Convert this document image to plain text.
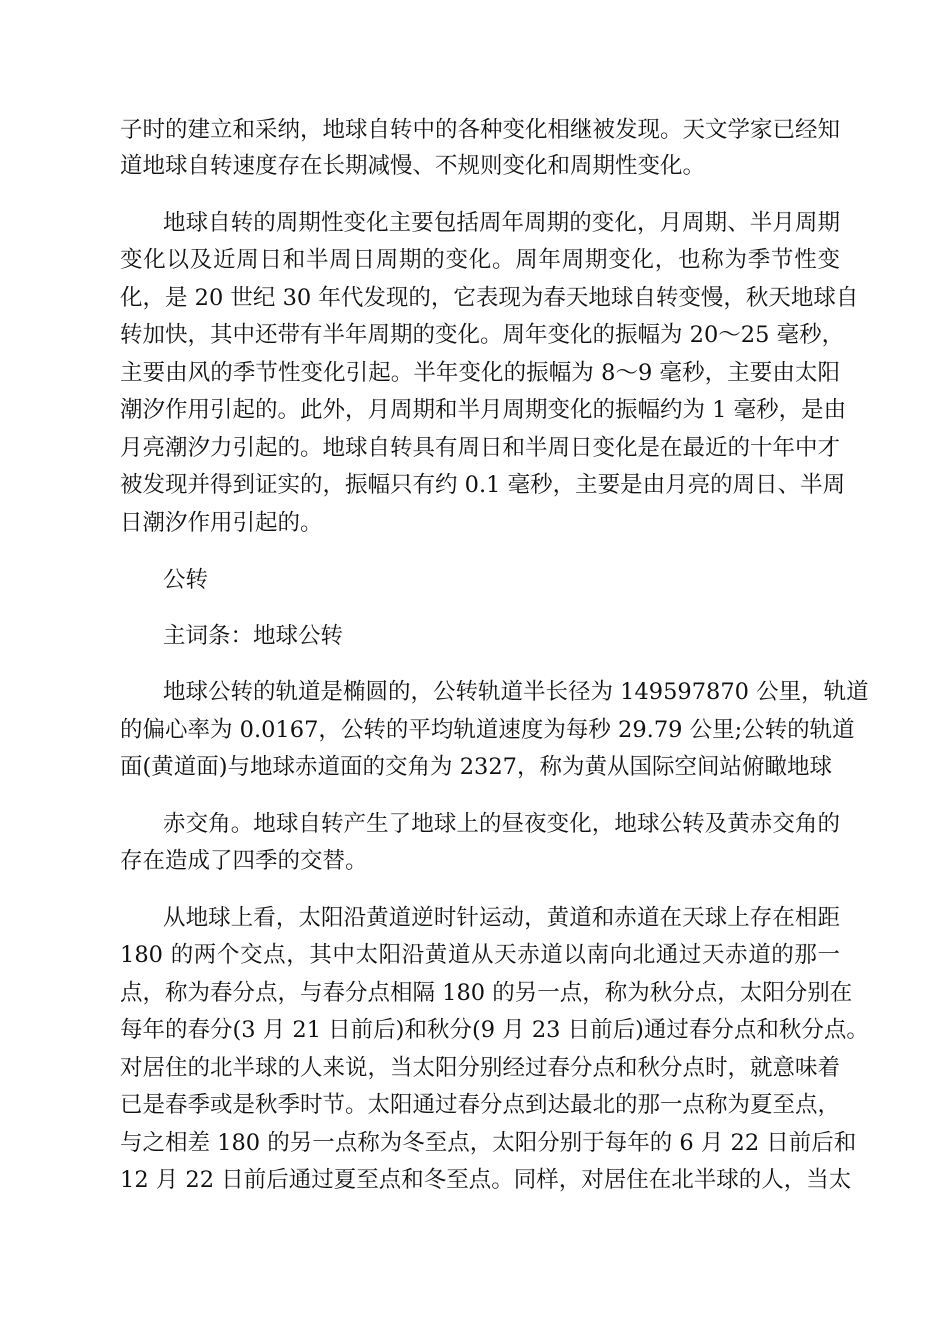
子时的建立和采纳，地球自转中的各种变化相继被发现。天文学家已经知
道地球自转速度存在长期减慢、不规则变化和周期性变化。
地球自转的周期性变化主要包括周年周期的变化，月周期、半月周期
变化以及近周日和半周日周期的变化。周年周期变化，也称为季节性变
化，是 20 世纪 30 年代发现的，它表现为春天地球自转变慢，秋天地球自
转加快，其中还带有半年周期的变化。周年变化的振幅为 20～25 毫秒，
主要由风的季节性变化引起。半年变化的振幅为 8～9 毫秒，主要由太阳
潮汐作用引起的。此外，月周期和半月周期变化的振幅约为 1 毫秒，是由
月亮潮汐力引起的。地球自转具有周日和半周日变化是在最近的十年中才
被发现并得到证实的，振幅只有约 0.1 毫秒，主要是由月亮的周日、半周
日潮汐作用引起的。
公转
主词条：地球公转
地球公转的轨道是椭圆的，公转轨道半长径为 149597870 公里，轨道
的偏心率为 0.0167，公转的平均轨道速度为每秒 29.79 公里;公转的轨道
面(黄道面)与地球赤道面的交角为 2327，称为黄从国际空间站俯瞰地球
赤交角。地球自转产生了地球上的昼夜变化，地球公转及黄赤交角的
存在造成了四季的交替。
从地球上看，太阳沿黄道逆时针运动，黄道和赤道在天球上存在相距
180 的两个交点，其中太阳沿黄道从天赤道以南向北通过天赤道的那一
点，称为春分点，与春分点相隔 180 的另一点，称为秋分点，太阳分别在
每年的春分(3 月 21 日前后)和秋分(9 月 23 日前后)通过春分点和秋分点。
对居住的北半球的人来说，当太阳分别经过春分点和秋分点时，就意味着
已是春季或是秋季时节。太阳通过春分点到达最北的那一点称为夏至点，
与之相差 180 的另一点称为冬至点，太阳分别于每年的 6 月 22 日前后和
12 月 22 日前后通过夏至点和冬至点。同样，对居住在北半球的人，当太
